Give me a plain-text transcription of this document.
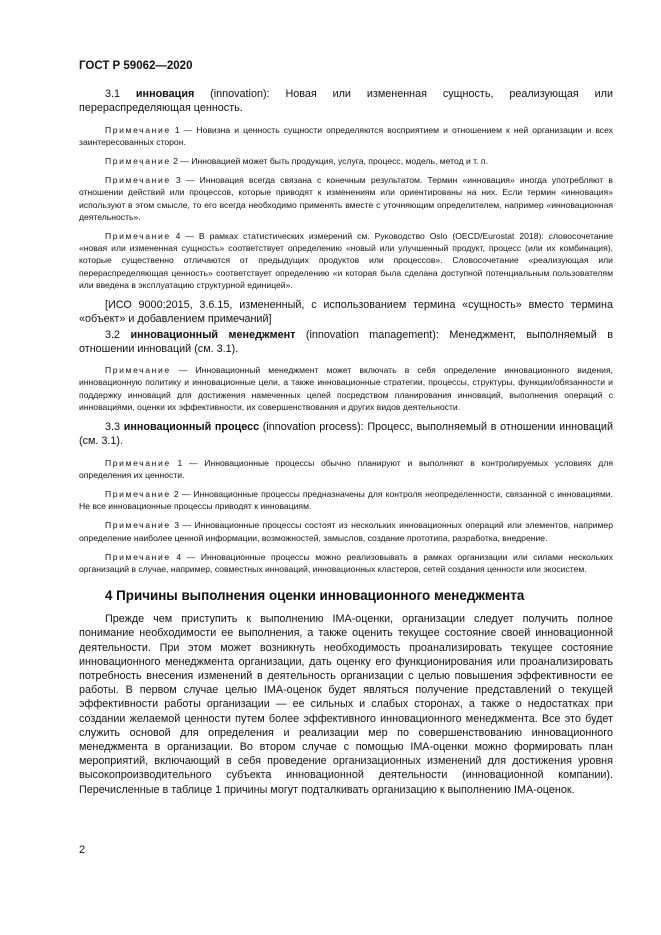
ГОСТ Р 59062—2020

3.1 инновация (innovation): Новая или измененная сущность, реализующая или перераспределяющая ценность.

Примечание 1 — Новизна и ценность сущности определяются восприятием и отношением к ней организации и всех заинтересованных сторон.

Примечание 2 — Инновацией может быть продукция, услуга, процесс, модель, метод и т. п.

Примечание 3 — Инновация всегда связана с конечным результатом. Термин «инновация» иногда употребляют в отношении действий или процессов, которые приводят к изменениям или ориентированы на них. Если термин «инновация» используют в этом смысле, то его всегда необходимо применять вместе с уточняющим определителем, например «инновационная деятельность».

Примечание 4 — В рамках статистических измерений см. Руководство Oslo (OECD/Eurostat 2018): словосочетание «новая или измененная сущность» соответствует определению «новый или улучшенный продукт, процесс (или их комбинация), которые существенно отличаются от предыдущих продуктов или процессов». Словосочетание «реализующая или перераспределяющая ценность» соответствует определению «и которая была сделана доступной потенциальным пользователям или введена в эксплуатацию структурной единицей».

[ИСО 9000:2015, 3.6.15, измененный, с использованием термина «сущность» вместо термина «объект» и добавлением примечаний]

3.2 инновационный менеджмент (innovation management): Менеджмент, выполняемый в отношении инноваций (см. 3.1).

Примечание — Инновационный менеджмент может включать в себя определение инновационного видения, инновационную политику и инновационные цели, а также инновационные стратегии, процессы, структуры, функции/обязанности и поддержку инноваций для достижения намеченных целей посредством планирования инноваций, выполнения операций с инновациями, оценки их эффективности, их совершенствования и других видов деятельности.

3.3 инновационный процесс (innovation process): Процесс, выполняемый в отношении инноваций (см. 3.1).

Примечание 1 — Инновационные процессы обычно планируют и выполняют в контролируемых условиях для определения их ценности.

Примечание 2 — Инновационные процессы предназначены для контроля неопределенности, связанной с инновациями. Не все инновационные процессы приводят к инновациям.

Примечание 3 — Инновационные процессы состоят из нескольких инновационных операций или элементов, например определение наиболее ценной информации, возможностей, замыслов, создание прототипа, разработка, внедрение.

Примечание 4 — Инновационные процессы можно реализовывать в рамках организации или силами нескольких организаций в случае, например, совместных инноваций, инновационных кластеров, сетей создания ценности или экосистем.

4 Причины выполнения оценки инновационного менеджмента

Прежде чем приступить к выполнению IMA-оценки, организации следует получить полное понимание необходимости ее выполнения, а также оценить текущее состояние своей инновационной деятельности. При этом может возникнуть необходимость проанализировать текущее состояние инновационного менеджмента организации, дать оценку его функционирования или проанализировать потребность внесения изменений в деятельность организации с целью повышения эффективности ее работы. В первом случае целью IMA-оценок будет являться получение представлений о текущей эффективности работы организации — ее сильных и слабых сторонах, а также о недостатках при создании желаемой ценности путем более эффективного инновационного менеджмента. Все это будет служить основой для определения и реализации мер по совершенствованию инновационного менеджмента в организации. Во втором случае с помощью IMA-оценки можно формировать план мероприятий, включающий в себя проведение организационных изменений для достижения уровня высокопроизводительного субъекта инновационной деятельности (инновационной компании). Перечисленные в таблице 1 причины могут подталкивать организацию к выполнению IMA-оценок.

2
